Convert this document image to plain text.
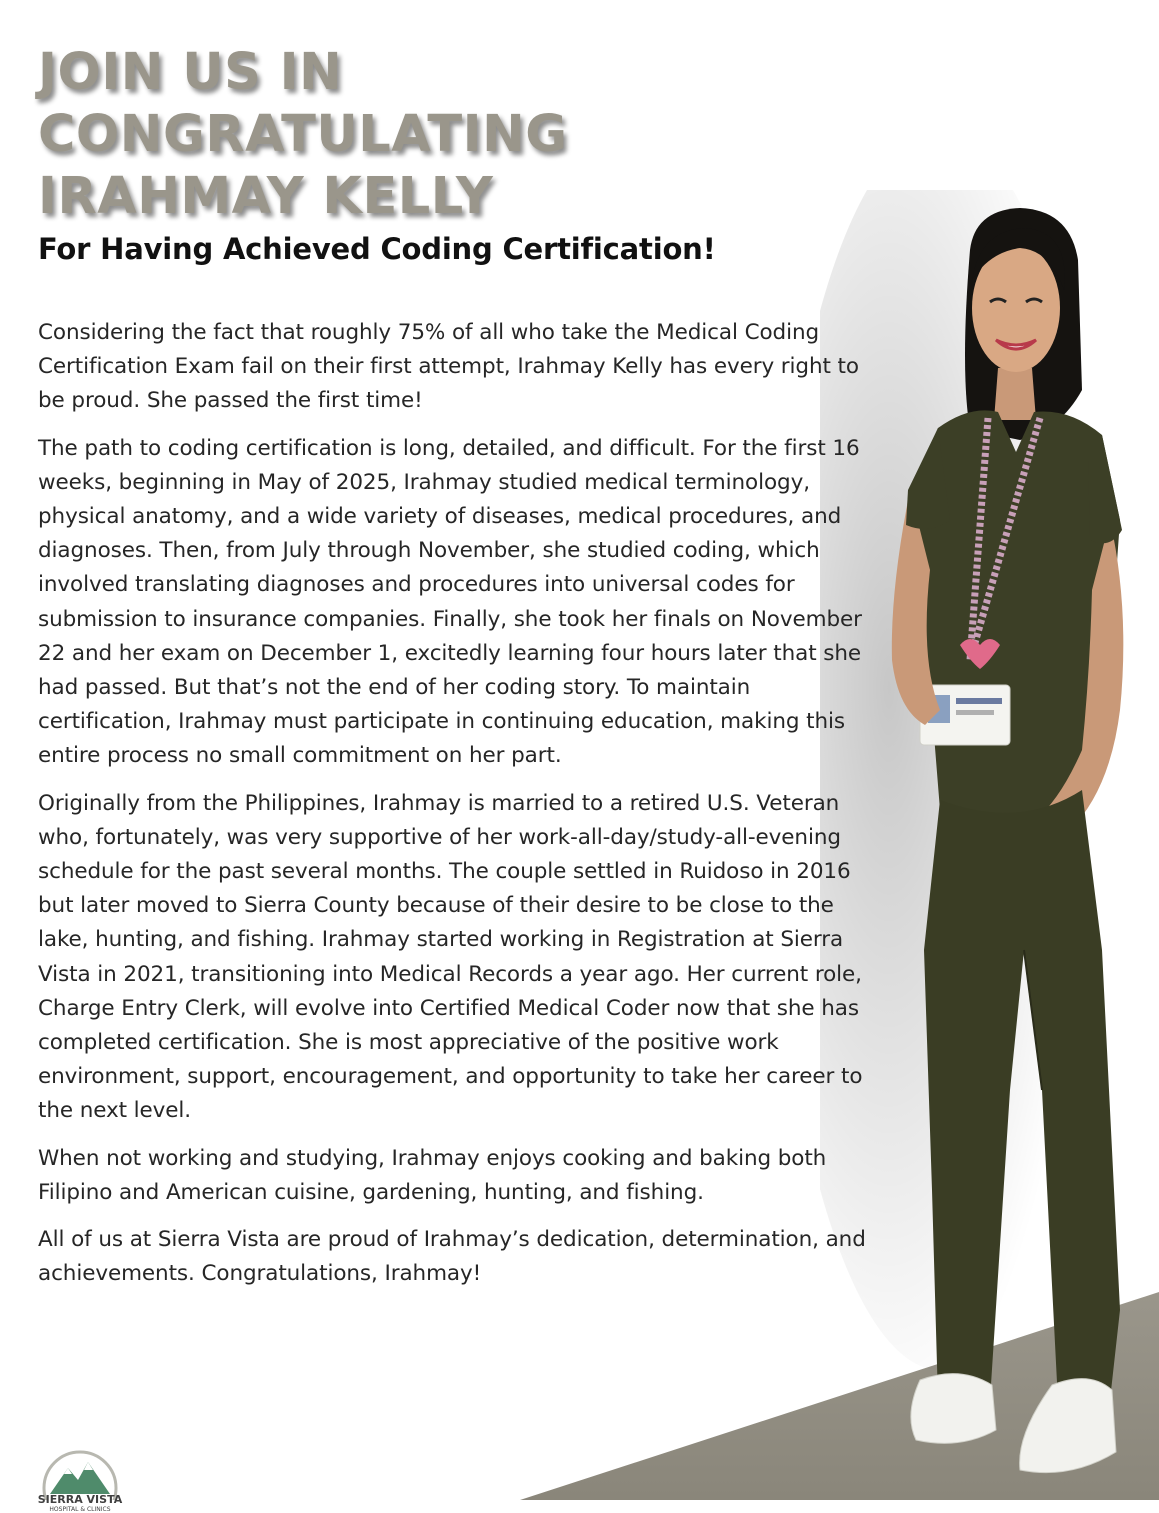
JOIN US IN
CONGRATULATING
IRAHMAY KELLY
For Having Achieved Coding Certification!

Considering the fact that roughly 75% of all who take the Medical Coding Certification Exam fail on their first attempt, Irahmay Kelly has every right to be proud. She passed the first time!

The path to coding certification is long, detailed, and difficult. For the first 16 weeks, beginning in May of 2025, Irahmay studied medical terminology, physical anatomy, and a wide variety of diseases, medical procedures, and diagnoses. Then, from July through November, she studied coding, which involved translating diagnoses and procedures into universal codes for submission to insurance companies. Finally, she took her finals on November 22 and her exam on December 1, excitedly learning four hours later that she had passed. But that’s not the end of her coding story. To maintain certification, Irahmay must participate in continuing education, making this entire process no small commitment on her part.

Originally from the Philippines, Irahmay is married to a retired U.S. Veteran who, fortunately, was very supportive of her work-all-day/study-all-evening schedule for the past several months. The couple settled in Ruidoso in 2016 but later moved to Sierra County because of their desire to be close to the lake, hunting, and fishing. Irahmay started working in Registration at Sierra Vista in 2021, transitioning into Medical Records a year ago. Her current role, Charge Entry Clerk, will evolve into Certified Medical Coder now that she has completed certification. She is most appreciative of the positive work environment, support, encouragement, and opportunity to take her career to the next level.

When not working and studying, Irahmay enjoys cooking and baking both Filipino and American cuisine, gardening, hunting, and fishing.

All of us at Sierra Vista are proud of Irahmay’s dedication, determination, and achievements. Congratulations, Irahmay!

SIERRA VISTA
HOSPITAL & CLINICS
